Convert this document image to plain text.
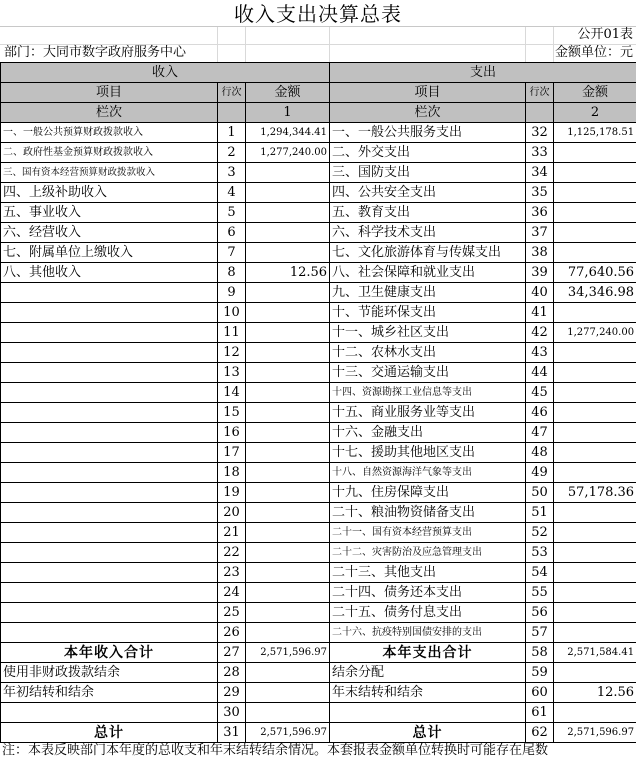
收入支出决算总表
公开01表
部门：大同市数字政府服务中心	金额单位：元
收入			支出		
项目	行次	金额	项目	行次	金额
栏次		1	栏次		2
一、一般公共预算财政拨款收入	1	1,294,344.41	一、一般公共服务支出	32	1,125,178.51
二、政府性基金预算财政拨款收入	2	1,277,240.00	二、外交支出	33	
三、国有资本经营预算财政拨款收入	3		三、国防支出	34	
四、上级补助收入	4		四、公共安全支出	35	
五、事业收入	5		五、教育支出	36	
六、经营收入	6		六、科学技术支出	37	
七、附属单位上缴收入	7		七、文化旅游体育与传媒支出	38	
八、其他收入	8	12.56	八、社会保障和就业支出	39	77,640.56
	9		九、卫生健康支出	40	34,346.98
	10		十、节能环保支出	41	
	11		十一、城乡社区支出	42	1,277,240.00
	12		十二、农林水支出	43	
	13		十三、交通运输支出	44	
	14		十四、资源勘探工业信息等支出	45	
	15		十五、商业服务业等支出	46	
	16		十六、金融支出	47	
	17		十七、援助其他地区支出	48	
	18		十八、自然资源海洋气象等支出	49	
	19		十九、住房保障支出	50	57,178.36
	20		二十、粮油物资储备支出	51	
	21		二十一、国有资本经营预算支出	52	
	22		二十二、灾害防治及应急管理支出	53	
	23		二十三、其他支出	54	
	24		二十四、债务还本支出	55	
	25		二十五、债务付息支出	56	
	26		二十六、抗疫特别国债安排的支出	57	
本年收入合计	27	2,571,596.97	本年支出合计	58	2,571,584.41
使用非财政拨款结余	28		结余分配	59	
年初结转和结余	29		年末结转和结余	60	12.56
	30			61	
总计	31	2,571,596.97	总计	62	2,571,596.97
注：本表反映部门本年度的总收支和年末结转结余情况。本套报表金额单位转换时可能存在尾数
